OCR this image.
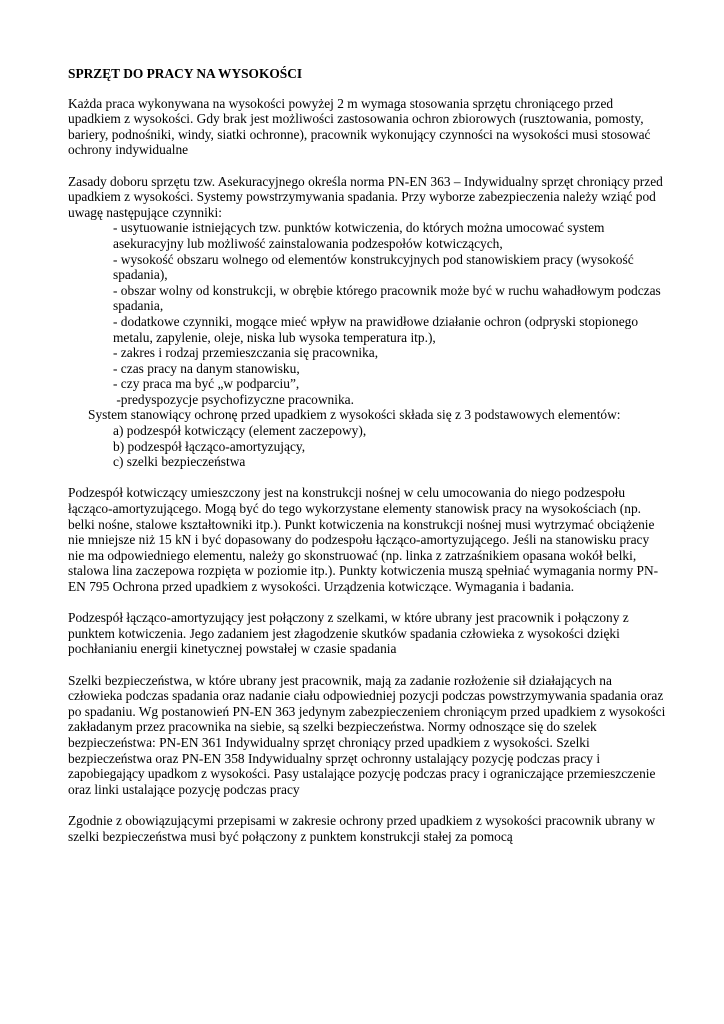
SPRZĘT DO PRACY NA WYSOKOŚCI

Każda praca wykonywana na wysokości powyżej 2 m wymaga stosowania sprzętu chroniącego przed upadkiem z wysokości. Gdy brak jest możliwości zastosowania ochron zbiorowych (rusztowania, pomosty, bariery, podnośniki, windy, siatki ochronne), pracownik wykonujący czynności na wysokości musi stosować ochrony indywidualne

Zasady doboru sprzętu tzw. Asekuracyjnego określa norma PN-EN 363 – Indywidualny sprzęt chroniący przed upadkiem z wysokości. Systemy powstrzymywania spadania. Przy wyborze zabezpieczenia należy wziąć pod uwagę następujące czynniki:
- usytuowanie istniejących tzw. punktów kotwiczenia, do których można umocować system asekuracyjny lub możliwość zainstalowania podzespołów kotwiczących,
- wysokość obszaru wolnego od elementów konstrukcyjnych pod stanowiskiem pracy (wysokość spadania),
- obszar wolny od konstrukcji, w obrębie którego pracownik może być w ruchu wahadłowym podczas spadania,
- dodatkowe czynniki, mogące mieć wpływ na prawidłowe działanie ochron (odpryski stopionego metalu, zapylenie, oleje, niska lub wysoka temperatura itp.),
- zakres i rodzaj przemieszczania się pracownika,
- czas pracy na danym stanowisku,
- czy praca ma być „w podparciu”,
-predyspozycje psychofizyczne pracownika.
System stanowiący ochronę przed upadkiem z wysokości składa się z 3 podstawowych elementów:
a) podzespół kotwiczący (element zaczepowy),
b) podzespół łącząco-amortyzujący,
c) szelki bezpieczeństwa

Podzespół kotwiczący umieszczony jest na konstrukcji nośnej w celu umocowania do niego podzespołu łącząco-amortyzującego. Mogą być do tego wykorzystane elementy stanowisk pracy na wysokościach (np. belki nośne, stalowe kształtowniki itp.). Punkt kotwiczenia na konstrukcji nośnej musi wytrzymać obciążenie nie mniejsze niż 15 kN i być dopasowany do podzespołu łącząco-amortyzującego. Jeśli na stanowisku pracy nie ma odpowiedniego elementu, należy go skonstruować (np. linka z zatrzaśnikiem opasana wokół belki, stalowa lina zaczepowa rozpięta w poziomie itp.). Punkty kotwiczenia muszą spełniać wymagania normy PN-EN 795 Ochrona przed upadkiem z wysokości. Urządzenia kotwiczące. Wymagania i badania.

Podzespół łącząco-amortyzujący jest połączony z szelkami, w które ubrany jest pracownik i połączony z punktem kotwiczenia. Jego zadaniem jest złagodzenie skutków spadania człowieka z wysokości dzięki pochłanianiu energii kinetycznej powstałej w czasie spadania

Szelki bezpieczeństwa, w które ubrany jest pracownik, mają za zadanie rozłożenie sił działających na człowieka podczas spadania oraz nadanie ciału odpowiedniej pozycji podczas powstrzymywania spadania oraz po spadaniu. Wg postanowień PN-EN 363 jedynym zabezpieczeniem chroniącym przed upadkiem z wysokości zakładanym przez pracownika na siebie, są szelki bezpieczeństwa. Normy odnoszące się do szelek bezpieczeństwa: PN-EN 361 Indywidualny sprzęt chroniący przed upadkiem z wysokości. Szelki bezpieczeństwa oraz PN-EN 358 Indywidualny sprzęt ochronny ustalający pozycję podczas pracy i zapobiegający upadkom z wysokości. Pasy ustalające pozycję podczas pracy i ograniczające przemieszczenie oraz linki ustalające pozycję podczas pracy

Zgodnie z obowiązującymi przepisami w zakresie ochrony przed upadkiem z wysokości pracownik ubrany w szelki bezpieczeństwa musi być połączony z punktem konstrukcji stałej za pomocą
